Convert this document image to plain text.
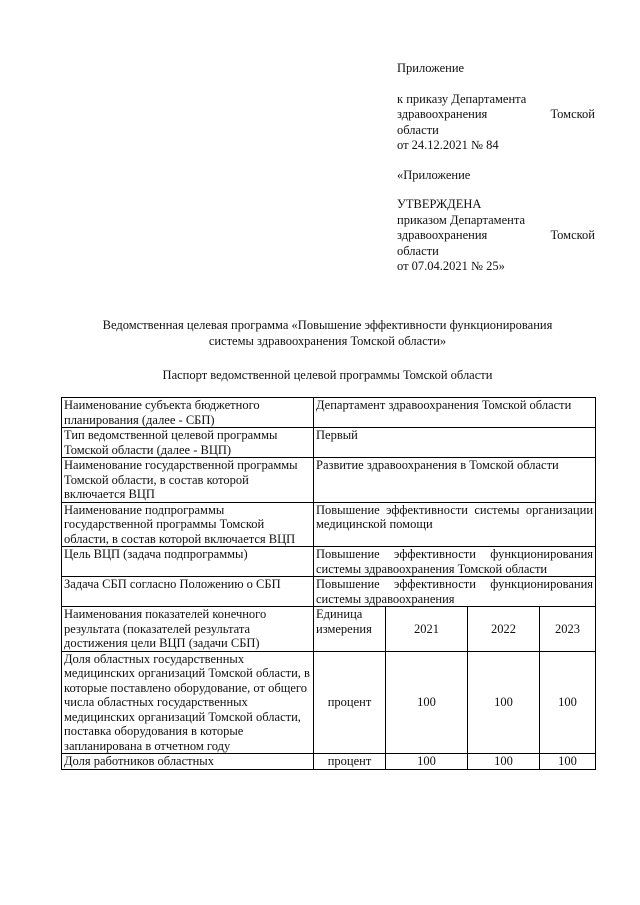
Приложение
к приказу Департамента
здравоохранения	Томской
области
от 24.12.2021 № 84
«Приложение
УТВЕРЖДЕНА
приказом Департамента
здравоохранения	Томской
области
от 07.04.2021 № 25»
Ведомственная целевая программа «Повышение эффективности функционирования
системы здравоохранения Томской области»
Паспорт ведомственной целевой программы Томской области
Наименование субъекта бюджетного планирования (далее - СБП)	Департамент здравоохранения Томской области			
Тип ведомственной целевой программы Томской области (далее - ВЦП)	Первый			
Наименование государственной программы Томской области, в состав которой включается ВЦП	Развитие здравоохранения в Томской области			
Наименование подпрограммы государственной программы Томской области, в состав которой включается ВЦП	Повышение эффективности системы организации медицинской помощи			
Цель ВЦП (задача подпрограммы)	Повышение эффективности функционирования системы здравоохранения Томской области			
Задача СБП согласно Положению о СБП	Повышение эффективности функционирования системы здравоохранения			
Наименования показателей конечного результата (показателей результата достижения цели ВЦП (задачи СБП)	Единица измерения	2021	2022	2023
Доля областных государственных медицинских организаций Томской области, в которые поставлено оборудование, от общего числа областных государственных медицинских организаций Томской области, поставка оборудования в которые запланирована в отчетном году	процент	100	100	100
Доля работников областных	процент	100	100	100
